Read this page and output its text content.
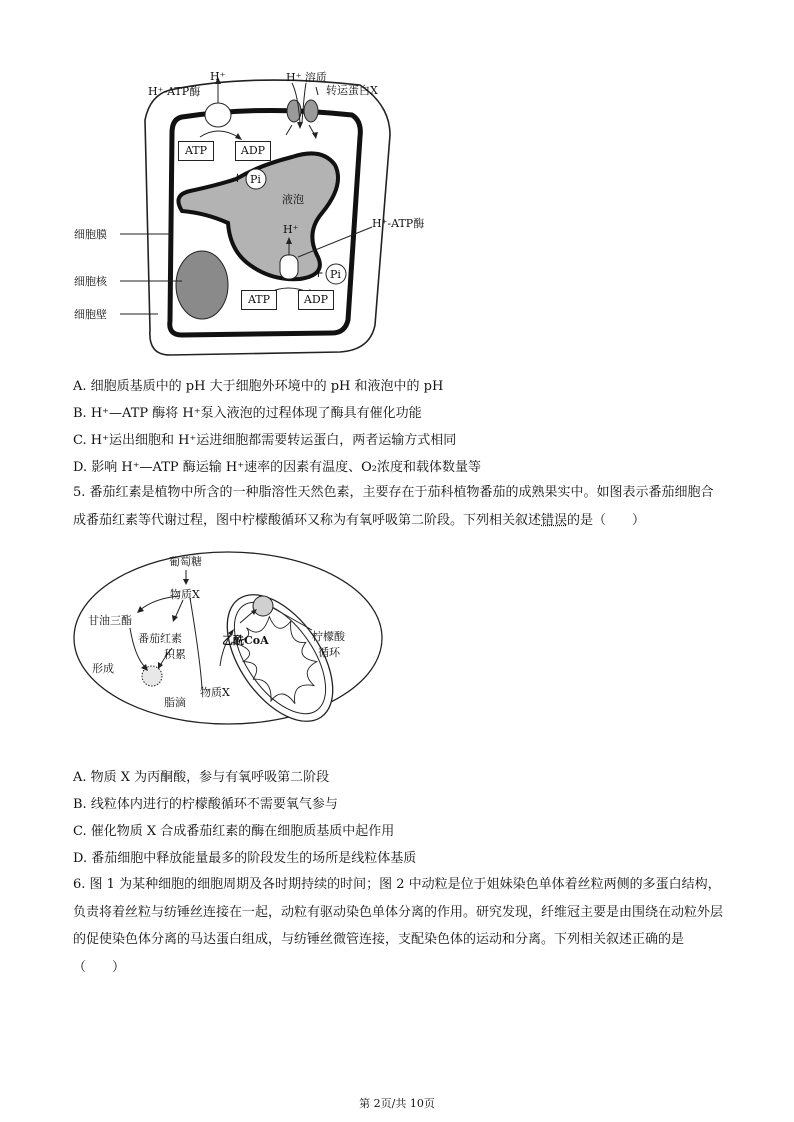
H⁺
H⁺-ATP酶
H⁺ 溶质
转运蛋白X
ATP	ADP
+ Pi
液泡
H⁺-ATP酶
H⁺
+ Pi
ATP	ADP
细胞膜
细胞核
细胞壁
A. 细胞质基质中的 pH 大于细胞外环境中的 pH 和液泡中的 pH
B. H⁺—ATP 酶将 H⁺泵入液泡的过程体现了酶具有催化功能
C. H⁺运出细胞和 H⁺运进细胞都需要转运蛋白，两者运输方式相同
D. 影响 H⁺—ATP 酶运输 H⁺速率的因素有温度、O₂浓度和载体数量等
5. 番茄红素是植物中所含的一种脂溶性天然色素，主要存在于茄科植物番茄的成熟果实中。如图表示番茄细胞合成番茄红素等代谢过程，图中柠檬酸循环又称为有氧呼吸第二阶段。下列相关叙述错误的是（　　）
葡萄糖
物质X
甘油三酯
番茄红素
积累
形成
脂滴
乙酰CoA	柠檬酸
循环
物质X
A. 物质 X 为丙酮酸，参与有氧呼吸第二阶段
B. 线粒体内进行的柠檬酸循环不需要氧气参与
C. 催化物质 X 合成番茄红素的酶在细胞质基质中起作用
D. 番茄细胞中释放能量最多的阶段发生的场所是线粒体基质
6. 图 1 为某种细胞的细胞周期及各时期持续的时间；图 2 中动粒是位于姐妹染色单体着丝粒两侧的多蛋白结构，负责将着丝粒与纺锤丝连接在一起，动粒有驱动染色单体分离的作用。研究发现，纤维冠主要是由围绕在动粒外层的促使染色体分离的马达蛋白组成，与纺锤丝微管连接，支配染色体的运动和分离。下列相关叙述正确的是（　　）
第 2页/共 10页
